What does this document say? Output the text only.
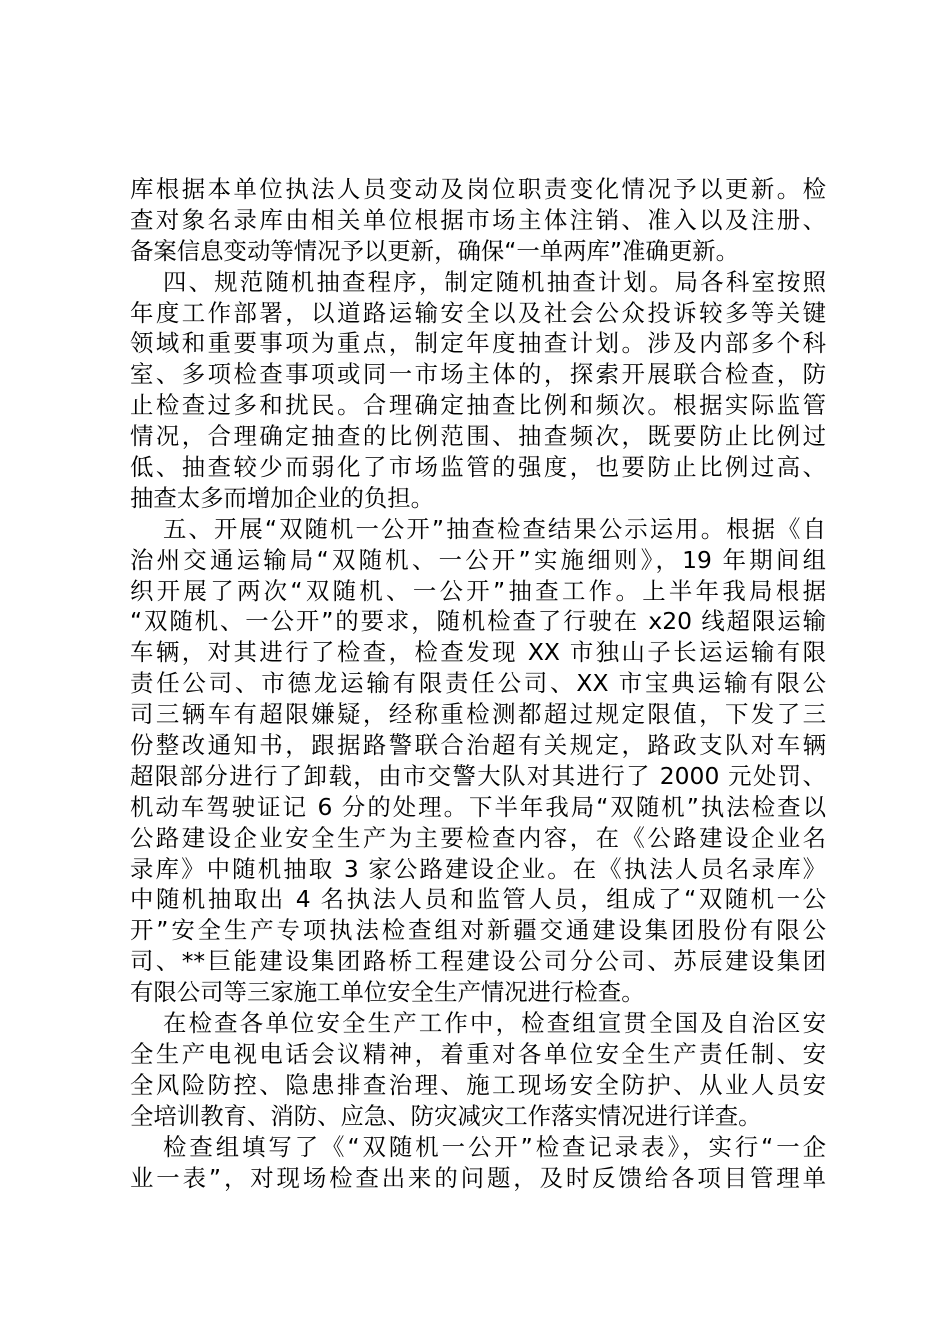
库根据本单位执法人员变动及岗位职责变化情况予以更新。检
查对象名录库由相关单位根据市场主体注销、准入以及注册、
备案信息变动等情况予以更新，确保“一单两库”准确更新。
四、规范随机抽查程序，制定随机抽查计划。局各科室按照
年度工作部署，以道路运输安全以及社会公众投诉较多等关键
领域和重要事项为重点，制定年度抽查计划。涉及内部多个科
室、多项检查事项或同一市场主体的，探索开展联合检查，防
止检查过多和扰民。合理确定抽查比例和频次。根据实际监管
情况，合理确定抽查的比例范围、抽查频次，既要防止比例过
低、抽查较少而弱化了市场监管的强度，也要防止比例过高、
抽查太多而增加企业的负担。
五、开展“双随机一公开”抽查检查结果公示运用。根据《自
治州交通运输局“双随机、一公开”实施细则》，19 年期间组
织开展了两次“双随机、一公开”抽查工作。上半年我局根据
“双随机、一公开”的要求，随机检查了行驶在 x20 线超限运输
车辆，对其进行了检查，检查发现 XX 市独山子长运运输有限
责任公司、市德龙运输有限责任公司、XX 市宝典运输有限公
司三辆车有超限嫌疑，经称重检测都超过规定限值，下发了三
份整改通知书，跟据路警联合治超有关规定，路政支队对车辆
超限部分进行了卸载，由市交警大队对其进行了 2000 元处罚、
机动车驾驶证记 6 分的处理。下半年我局“双随机”执法检查以
公路建设企业安全生产为主要检查内容，在《公路建设企业名
录库》中随机抽取 3 家公路建设企业。在《执法人员名录库》
中随机抽取出 4 名执法人员和监管人员，组成了“双随机一公
开”安全生产专项执法检查组对新疆交通建设集团股份有限公
司、**巨能建设集团路桥工程建设公司分公司、苏辰建设集团
有限公司等三家施工单位安全生产情况进行检查。
在检查各单位安全生产工作中，检查组宣贯全国及自治区安
全生产电视电话会议精神，着重对各单位安全生产责任制、安
全风险防控、隐患排查治理、施工现场安全防护、从业人员安
全培训教育、消防、应急、防灾减灾工作落实情况进行详查。
检查组填写了《“双随机一公开”检查记录表》，实行“一企
业一表”，对现场检查出来的问题，及时反馈给各项目管理单
